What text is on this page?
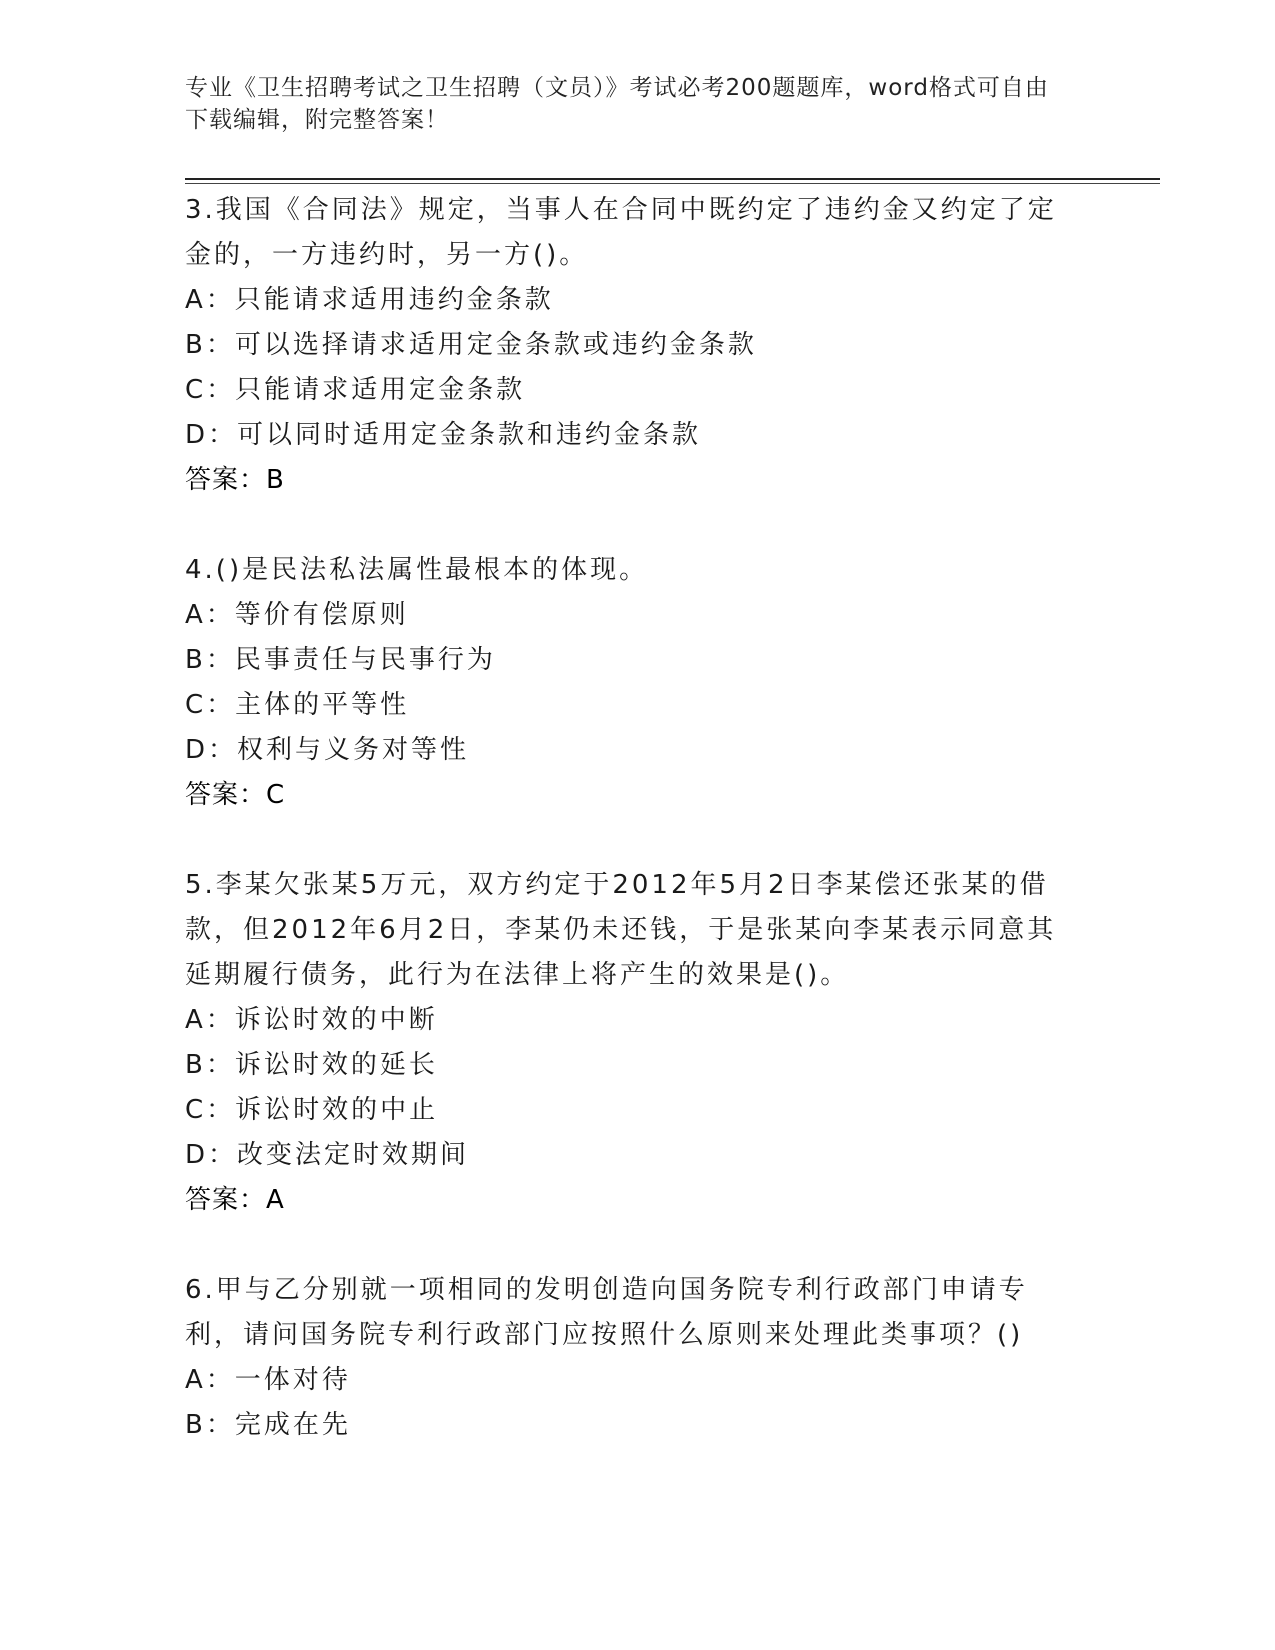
专业《卫生招聘考试之卫生招聘（文员）》考试必考200题题库，word格式可自由下载编辑，附完整答案！

3.我国《合同法》规定，当事人在合同中既约定了违约金又约定了定金的，一方违约时，另一方()。

A：只能请求适用违约金条款

B：可以选择请求适用定金条款或违约金条款

C：只能请求适用定金条款

D：可以同时适用定金条款和违约金条款

答案：B

4.()是民法私法属性最根本的体现。

A：等价有偿原则

B：民事责任与民事行为

C：主体的平等性

D：权利与义务对等性

答案：C

5.李某欠张某5万元，双方约定于2012年5月2日李某偿还张某的借款，但2012年6月2日，李某仍未还钱，于是张某向李某表示同意其延期履行债务，此行为在法律上将产生的效果是()。

A：诉讼时效的中断

B：诉讼时效的延长

C：诉讼时效的中止

D：改变法定时效期间

答案：A

6.甲与乙分别就一项相同的发明创造向国务院专利行政部门申请专利，请问国务院专利行政部门应按照什么原则来处理此类事项？()

A：一体对待

B：完成在先
